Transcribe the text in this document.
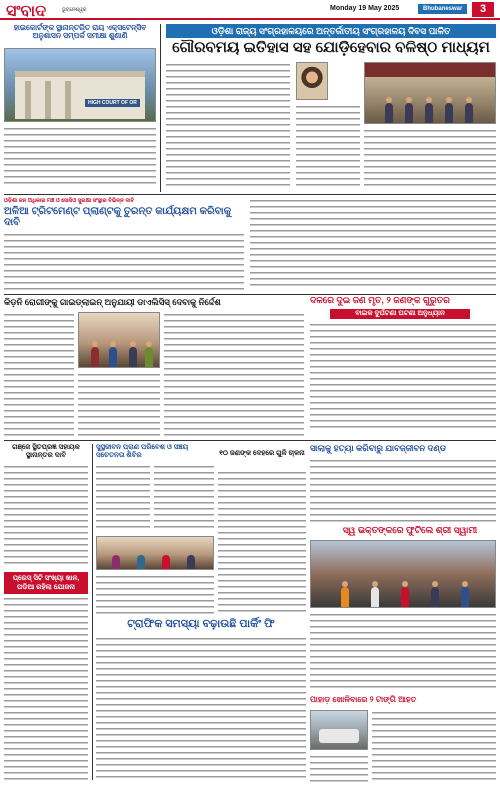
ସଂବାଦ	ଭୁବନେଶ୍ୱର	Monday 19 May 2025	Bhubaneswar	3
ହାଇକୋର୍ଟଙ୍କ ସ୍ଥାନାନ୍ତରିତ ରାୟ ଏକ୍ସଟେନ୍ସିବ ଅନୁଶାସନ ସମ୍ପର୍କ ସମୀକ୍ଷା ଶୁଣାଣି
HIGH COURT OF OR
ଓଡ଼ିଶା ରାଜ୍ୟ ସଂଗ୍ରହାଳୟରେ ଅନ୍ତର୍ଜାତୀୟ ସଂଗ୍ରହାଳୟ ଦିବସ ପାଳିତ
ଗୌରବମୟ ଇତିହାସ ସହ ଯୋଡ଼ିହେବାର ବଳିଷ୍ଠ ମାଧ୍ୟମ
ଓଡ଼ିଶା ଜନ ଅଧିକାର ମଞ୍ଚ ଓ ସୋସିଓ ସୁରକ୍ଷା ସଂସ୍ଥାର ବିଭିନ୍ନ ଦାବି
ଅଳିଆ ଟ୍ରିଟମେଣ୍ଟ ପ୍ଲାଣ୍ଟକୁ ତୁରନ୍ତ କାର୍ଯ୍ୟକ୍ଷମ କରିବାକୁ ଦାବି
କିଡ଼ନି ରୋଗୀଙ୍କୁ ଗାଇଡ୍ଲାଇନ୍ ଅନୁଯାୟୀ ଡାଏଲିସିସ୍ ଦେବାକୁ ନିର୍ଦ୍ଦେଶ	ଦଳରେ ଦୁଇ ଜଣ ମୃତ, ୨ ଜଣଙ୍କ ଗୁରୁତର
ବାଇକ ଦୁର୍ଘଟଣା ଘଟଣା ଅନୁଧ୍ୟାନ
ସାଲାକୁ ହତ୍ୟା କରିବାରୁ ଯାବଜ୍ଜୀବନ ଦଣ୍ଡ
ସ୍ୱ ଭକ୍ତଙ୍କରେ ଫୁଟିଲେ ଶ୍ରୀ ସ୍ୱାମୀ
ଗଞ୍ଜେ ସ୍ଥିତପ୍ରଜ୍ଞ ସହାୟକ ସ୍ଥାନାନ୍ତର ଦାବି
ପ୍ରେସ୍ ସିଟି ସଂଖ୍ୟା ଖାନ, ପଡିଆ ରହିଲା ଯୋଜନା
ସୁସ୍ଥଜୀବନ ପ୍ରାଣ ପରିବେଶ ଓ ସଞ୍ଚୟ ସଚେତନତା ଶିବିର	୧୦ ଜଣଙ୍କ ଦେହରେ ଗୁଳି ଚାଳନା
ଟ୍ରାଫିକ ସମସ୍ୟା ବଢ଼ାଉଛି ପାର୍କିଂ ଫି
ପାହାଡ଼ ଖୋଳିବାରେ ୨ ଟାଙ୍ଗି ଆହତ
